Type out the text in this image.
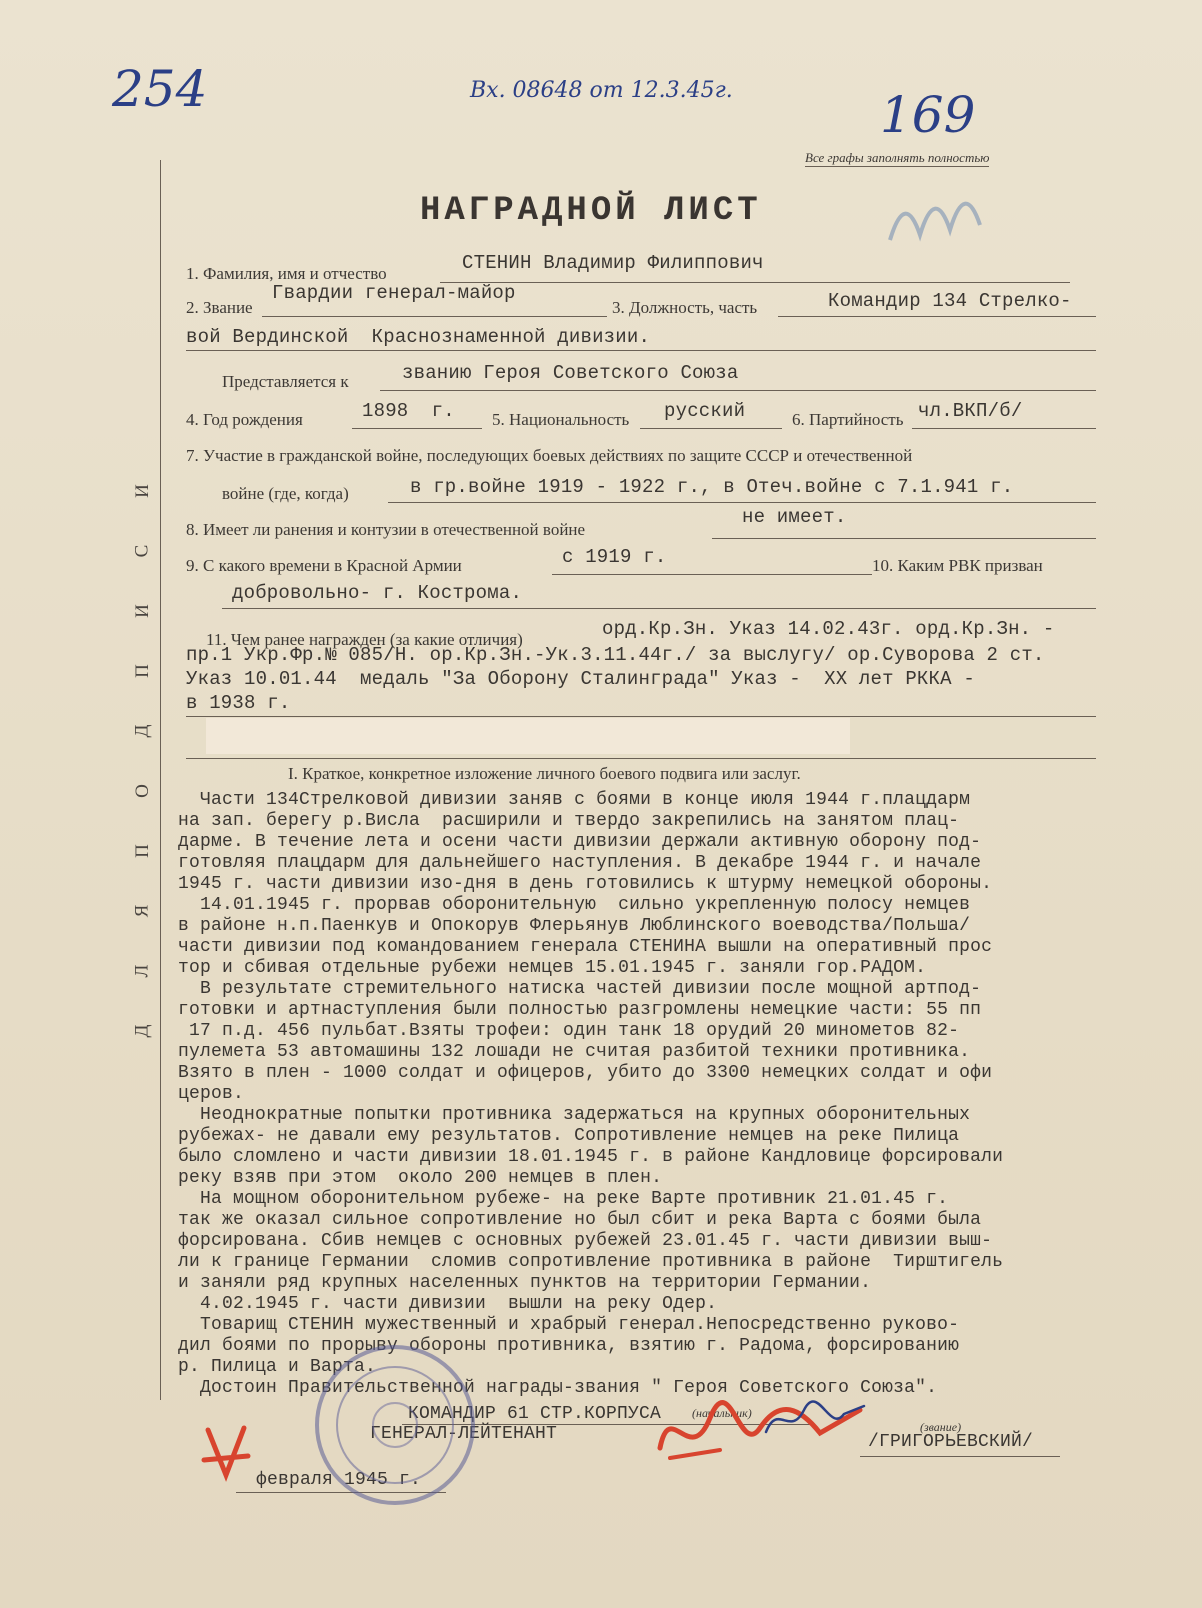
254	Вх. 08648 от 12.3.45г.	169
Все графы заполнять полностью
НАГРАДНОЙ ЛИСТ
И
С
И
П
Д
О
П
Я
Л
Д
1. Фамилия, имя и отчество	СТЕНИН Владимир Филиппович
2. Звание
Гвардии генерал-майор
3. Должность, часть	Командир 134 Стрелко-
вой Вердинской  Краснознаменной дивизии.
Представляется к	званию Героя Советского Союза
4. Год рождения	1898  г. 5. Национальность русский	6. Партийность чл.ВКП/б/
7. Участие в гражданской войне, последующих боевых действиях по защите СССР и отечественной
войне (где, когда)	в гр.войне 1919 - 1922 г., в Отеч.войне с 7.1.941 г.
8. Имеет ли ранения и контузии в отечественной войне
не имеет.
9. С какого времени в Красной Армии	с 1919 г.	10. Каким РВК призван
добровольно- г. Кострома.
11. Чем ранее награжден (за какие отличия)	орд.Кр.Зн. Указ 14.02.43г. орд.Кр.Зн. -
пр.1 Укр.Фр.№ 085/Н. ор.Кр.Зн.-Ук.3.11.44г./ за выслугу/ ор.Суворова 2 ст.
Указ 10.01.44  медаль "За Оборону Сталинграда" Указ -  ХХ лет РККА -
в 1938 г.
I. Краткое, конкретное изложение личного боевого подвига или заслуг.
Части 134Стрелковой дивизии заняв с боями в конце июля 1944 г.плацдарм
на зап. берегу р.Висла  расширили и твердо закрепились на занятом плац-
дарме. В течение лета и осени части дивизии держали активную оборону под-
готовляя плацдарм для дальнейшего наступления. В декабре 1944 г. и начале
1945 г. части дивизии изо-дня в день готовились к штурму немецкой обороны.
14.01.1945 г. прорвав оборонительную  сильно укрепленную полосу немцев
в районе н.п.Паенкув и Опокорув Флерьянув Люблинского воеводства/Польша/
части дивизии под командованием генерала СТЕНИНА вышли на оперативный прос
тор и сбивая отдельные рубежи немцев 15.01.1945 г. заняли гор.РАДОМ.
В результате стремительного натиска частей дивизии после мощной артпод-
готовки и артнаступления были полностью разгромлены немецкие части: 55 пп
17 п.д. 456 пульбат.Взяты трофеи: один танк 18 орудий 20 минометов 82-
пулемета 53 автомашины 132 лошади не считая разбитой техники противника.
Взято в плен - 1000 солдат и офицеров, убито до 3300 немецких солдат и офи
церов.
Неоднократные попытки противника задержаться на крупных оборонительных
рубежах- не давали ему результатов. Сопротивление немцев на реке Пилица
было сломлено и части дивизии 18.01.1945 г. в районе Кандловице форсировали
реку взяв при этом  около 200 немцев в плен.
На мощном оборонительном рубеже- на реке Варте противник 21.01.45 г.
так же оказал сильное сопротивление но был сбит и река Варта с боями была
форсирована. Сбив немцев с основных рубежей 23.01.45 г. части дивизии выш-
ли к границе Германии  сломив сопротивление противника в районе  Тирштигель
и заняли ряд крупных населенных пунктов на территории Германии.
4.02.1945 г. части дивизии  вышли на реку Одер.
Товарищ СТЕНИН мужественный и храбрый генерал.Непосредственно руково-
дил боями по прорыву обороны противника, взятию г. Радома, форсированию
р. Пилица и Варта.
Достоин Правительственной награды-звания " Героя Советского Союза".
КОМАНДИР 61 СТР.КОРПУСА	(начальник)
ГЕНЕРАЛ-ЛЕЙТЕНАНТ	(звание)
/ГРИГОРЬЕВСКИЙ/
февраля 1945 г.
